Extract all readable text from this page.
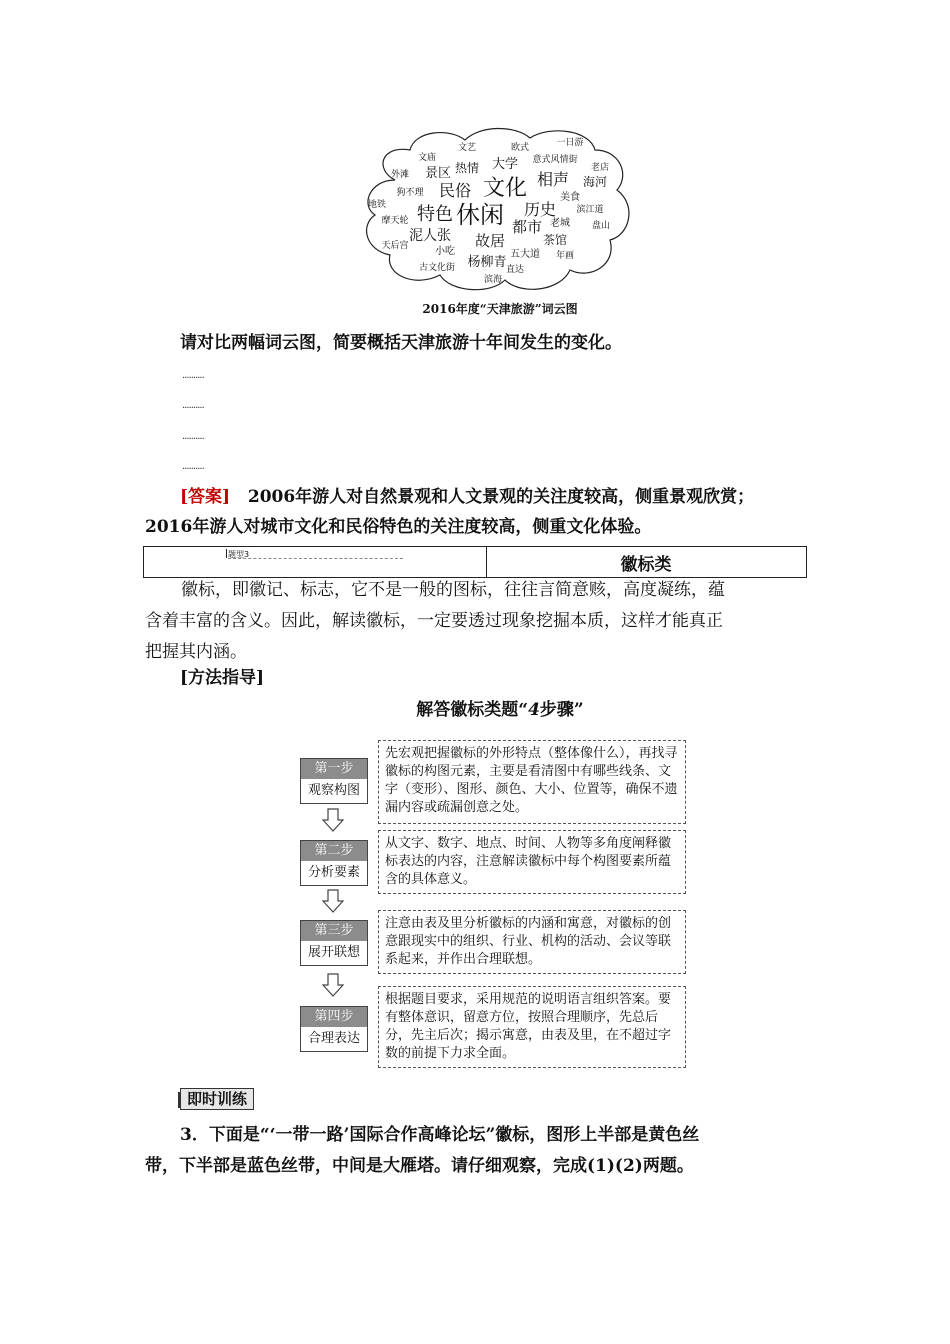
文艺	欧式	一日游
文庙
热情 大学 意式风情街
老店
外滩 景区	相声 海河
狗不理 民俗 文化	美食
地铁	滨江道
历史
特色 休闲
摩天轮	老城 盘山
都市
泥人张	茶馆
天后宫	小吃
故居
五大道 年画
杨柳青
古文化街	直达
滨海
2016年度“天津旅游”词云图
请对比两幅词云图，简要概括天津旅游十年间发生的变化。
..........
..........
..........
..........
[答案] 2006年游人对自然景观和人文景观的关注度较高，侧重景观欣赏；
2016年游人对城市文化和民俗特色的关注度较高，侧重文化体验。
题型3
徽标类
徽标，即徽记、标志，它不是一般的图标，往往言简意赅，高度凝练，蕴
含着丰富的含义。因此，解读徽标，一定要透过现象挖掘本质，这样才能真正
把握其内涵。
[方法指导]
解答徽标类题“4步骤”
第一步
观察构图
先宏观把握徽标的外形特点（整体像什么），再找寻徽标的构图元素，主要是看清图中有哪些线条、文字（变形）、图形、颜色、大小、位置等，确保不遗漏内容或疏漏创意之处。
第二步
分析要素
从文字、数字、地点、时间、人物等多角度阐释徽标表达的内容，注意解读徽标中每个构图要素所蕴含的具体意义。
第三步
展开联想
注意由表及里分析徽标的内涵和寓意，对徽标的创意跟现实中的组织、行业、机构的活动、会议等联系起来，并作出合理联想。
第四步
合理表达
根据题目要求，采用规范的说明语言组织答案。要有整体意识，留意方位，按照合理顺序，先总后分，先主后次；揭示寓意，由表及里，在不超过字数的前提下力求全面。
即时训练
3．下面是“‘一带一路’国际合作高峰论坛”徽标，图形上半部是黄色丝
带，下半部是蓝色丝带，中间是大雁塔。请仔细观察，完成(1)(2)两题。
